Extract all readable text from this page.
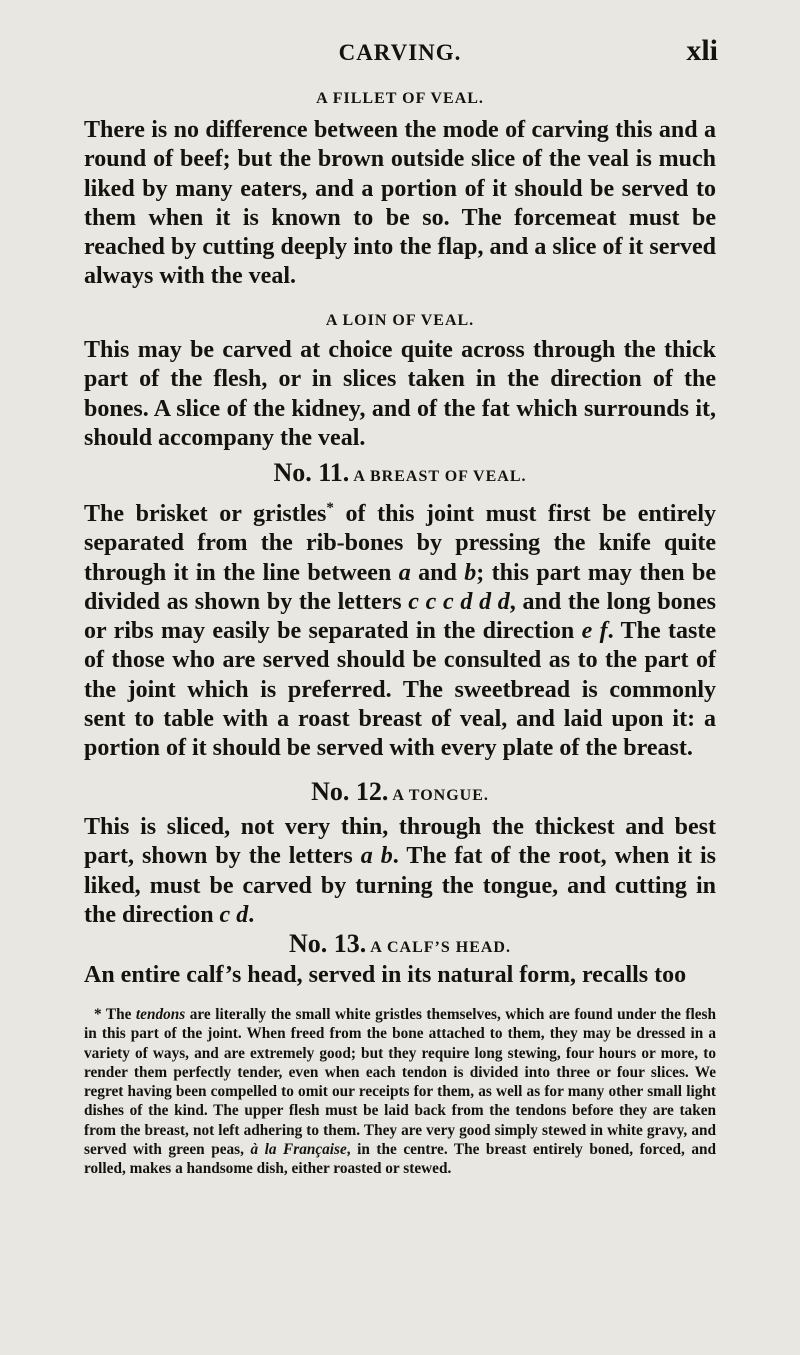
CARVING.	xli
A FILLET OF VEAL.

There is no difference between the mode of carving this and a round of beef; but the brown outside slice of the veal is much liked by many eaters, and a portion of it should be served to them when it is known to be so. The forcemeat must be reached by cutting deeply into the flap, and a slice of it served always with the veal.

A LOIN OF VEAL.

This may be carved at choice quite across through the thick part of the flesh, or in slices taken in the direction of the bones. A slice of the kidney, and of the fat which surrounds it, should accompany the veal.

No. 11. A BREAST OF VEAL.

The brisket or gristles* of this joint must first be entirely separated from the rib-bones by pressing the knife quite through it in the line between a and b; this part may then be divided as shown by the letters c c c d d d, and the long bones or ribs may easily be separated in the direction e f. The taste of those who are served should be consulted as to the part of the joint which is preferred. The sweetbread is commonly sent to table with a roast breast of veal, and laid upon it: a portion of it should be served with every plate of the breast.

No. 12. A TONGUE.

This is sliced, not very thin, through the thickest and best part, shown by the letters a b. The fat of the root, when it is liked, must be carved by turning the tongue, and cutting in the direction c d.

No. 13. A CALF’S HEAD.

An entire calf’s head, served in its natural form, recalls too

* The tendons are literally the small white gristles themselves, which are found under the flesh in this part of the joint. When freed from the bone attached to them, they may be dressed in a variety of ways, and are extremely good; but they require long stewing, four hours or more, to render them perfectly tender, even when each tendon is divided into three or four slices. We regret having been compelled to omit our receipts for them, as well as for many other small light dishes of the kind. The upper flesh must be laid back from the tendons before they are taken from the breast, not left adhering to them. They are very good simply stewed in white gravy, and served with green peas, à la Française, in the centre. The breast entirely boned, forced, and rolled, makes a handsome dish, either roasted or stewed.
